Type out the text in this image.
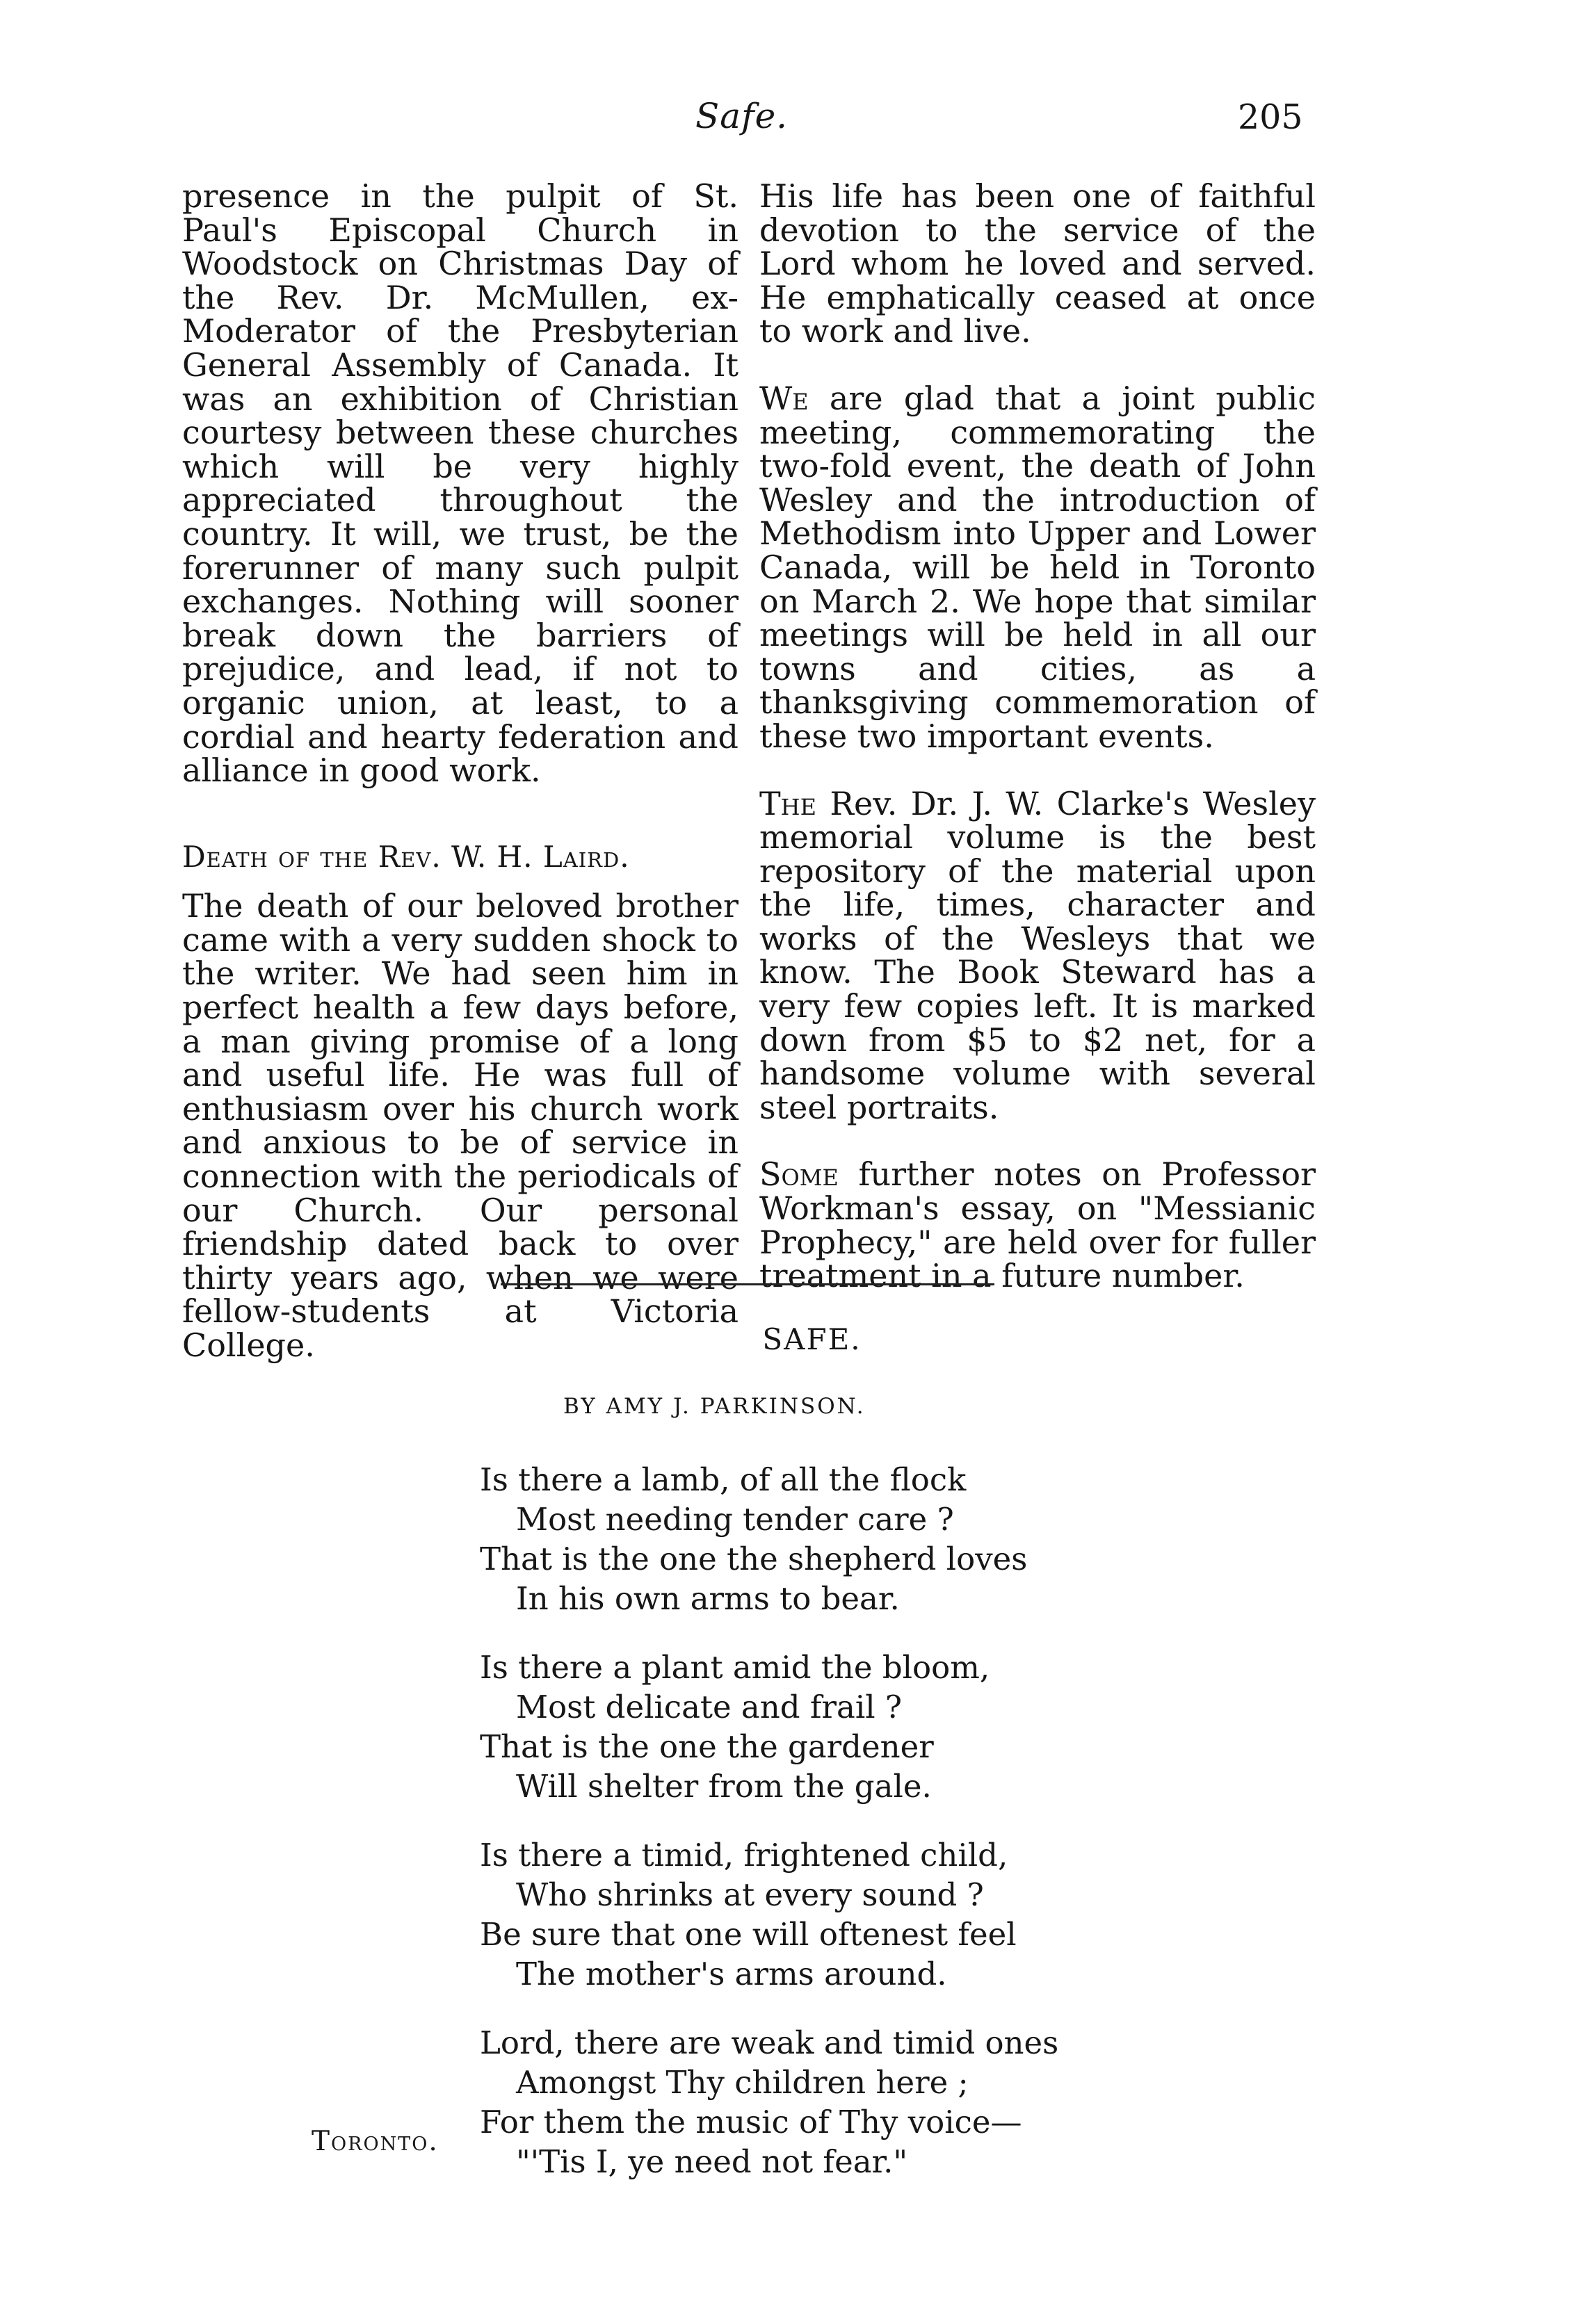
Safe.	205

presence in the pulpit of St. Paul's Episcopal Church in Woodstock on Christmas Day of the Rev. Dr. McMullen, ex-Moderator of the Presbyterian General Assembly of Canada. It was an exhibition of Christian courtesy between these churches which will be very highly appreciated throughout the country. It will, we trust, be the forerunner of many such pulpit exchanges. Nothing will sooner break down the barriers of prejudice, and lead, if not to organic union, at least, to a cordial and hearty federation and alliance in good work.

Death of the Rev. W. H. Laird.

The death of our beloved brother came with a very sudden shock to the writer. We had seen him in perfect health a few days before, a man giving promise of a long and useful life. He was full of enthusiasm over his church work and anxious to be of service in connection with the periodicals of our Church. Our personal friendship dated back to over thirty years ago, when we were fellow-students at Victoria College.

His life has been one of faithful devotion to the service of the Lord whom he loved and served. He emphatically ceased at once to work and live.

We are glad that a joint public meeting, commemorating the two-fold event, the death of John Wesley and the introduction of Methodism into Upper and Lower Canada, will be held in Toronto on March 2. We hope that similar meetings will be held in all our towns and cities, as a thanksgiving commemoration of these two important events.

The Rev. Dr. J. W. Clarke's Wesley memorial volume is the best repository of the material upon the life, times, character and works of the Wesleys that we know. The Book Steward has a very few copies left. It is marked down from $5 to $2 net, for a handsome volume with several steel portraits.

Some further notes on Professor Workman's essay, on "Messianic Prophecy," are held over for fuller treatment in a future number.

SAFE.
BY AMY J. PARKINSON.
Is there a lamb, of all the flock
Most needing tender care ?
That is the one the shepherd loves
In his own arms to bear.
Is there a plant amid the bloom,
Most delicate and frail ?
That is the one the gardener
Will shelter from the gale.
Is there a timid, frightened child,
Who shrinks at every sound ?
Be sure that one will oftenest feel
The mother's arms around.
Lord, there are weak and timid ones
Amongst Thy children here ;
For them the music of Thy voice—
"'Tis I, ye need not fear."
Toronto.
